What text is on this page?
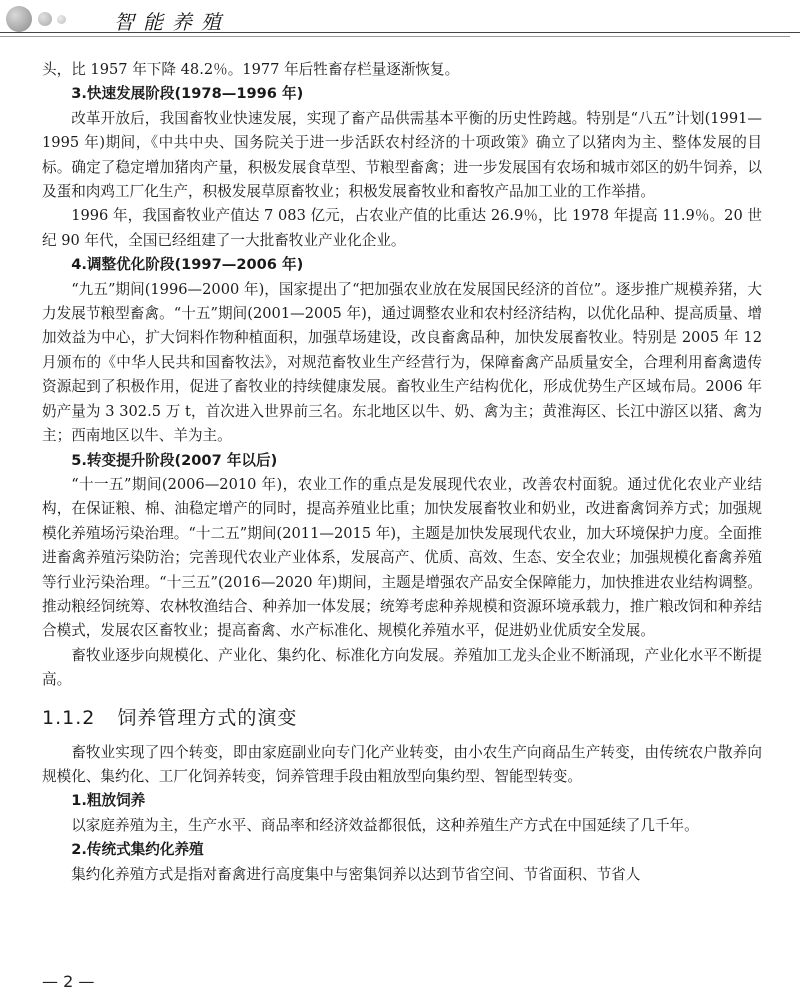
智能养殖

头，比 1957 年下降 48.2％。1977 年后牲畜存栏量逐渐恢复。

3.快速发展阶段(1978—1996 年)

改革开放后，我国畜牧业快速发展，实现了畜产品供需基本平衡的历史性跨越。特别是“八五”计划(1991—1995 年)期间，《中共中央、国务院关于进一步活跃农村经济的十项政策》确立了以猪肉为主、整体发展的目标。确定了稳定增加猪肉产量，积极发展食草型、节粮型畜禽；进一步发展国有农场和城市郊区的奶牛饲养，以及蛋和肉鸡工厂化生产，积极发展草原畜牧业；积极发展畜牧业和畜牧产品加工业的工作举措。

1996 年，我国畜牧业产值达 7 083 亿元，占农业产值的比重达 26.9％，比 1978 年提高 11.9％。20 世纪 90 年代，全国已经组建了一大批畜牧业产业化企业。

4.调整优化阶段(1997—2006 年)

“九五”期间(1996—2000 年)，国家提出了“把加强农业放在发展国民经济的首位”。逐步推广规模养猪，大力发展节粮型畜禽。“十五”期间(2001—2005 年)，通过调整农业和农村经济结构，以优化品种、提高质量、增加效益为中心，扩大饲料作物种植面积，加强草场建设，改良畜禽品种，加快发展畜牧业。特别是 2005 年 12 月颁布的《中华人民共和国畜牧法》，对规范畜牧业生产经营行为，保障畜禽产品质量安全，合理利用畜禽遗传资源起到了积极作用，促进了畜牧业的持续健康发展。畜牧业生产结构优化，形成优势生产区域布局。2006 年奶产量为 3 302.5 万 t，首次进入世界前三名。东北地区以牛、奶、禽为主；黄淮海区、长江中游区以猪、禽为主；西南地区以牛、羊为主。

5.转变提升阶段(2007 年以后)

“十一五”期间(2006—2010 年)，农业工作的重点是发展现代农业，改善农村面貌。通过优化农业产业结构，在保证粮、棉、油稳定增产的同时，提高养殖业比重；加快发展畜牧业和奶业，改进畜禽饲养方式；加强规模化养殖场污染治理。“十二五”期间(2011—2015 年)，主题是加快发展现代农业，加大环境保护力度。全面推进畜禽养殖污染防治；完善现代农业产业体系，发展高产、优质、高效、生态、安全农业；加强规模化畜禽养殖等行业污染治理。“十三五”(2016—2020 年)期间，主题是增强农产品安全保障能力，加快推进农业结构调整。推动粮经饲统筹、农林牧渔结合、种养加一体发展；统筹考虑种养规模和资源环境承载力，推广粮改饲和种养结合模式，发展农区畜牧业；提高畜禽、水产标准化、规模化养殖水平，促进奶业优质安全发展。

畜牧业逐步向规模化、产业化、集约化、标准化方向发展。养殖加工龙头企业不断涌现，产业化水平不断提高。

1.1.2 饲养管理方式的演变

畜牧业实现了四个转变，即由家庭副业向专门化产业转变，由小农生产向商品生产转变，由传统农户散养向规模化、集约化、工厂化饲养转变，饲养管理手段由粗放型向集约型、智能型转变。

1.粗放饲养

以家庭养殖为主，生产水平、商品率和经济效益都很低，这种养殖生产方式在中国延续了几千年。

2.传统式集约化养殖

集约化养殖方式是指对畜禽进行高度集中与密集饲养以达到节省空间、节省面积、节省人

— 2 —
